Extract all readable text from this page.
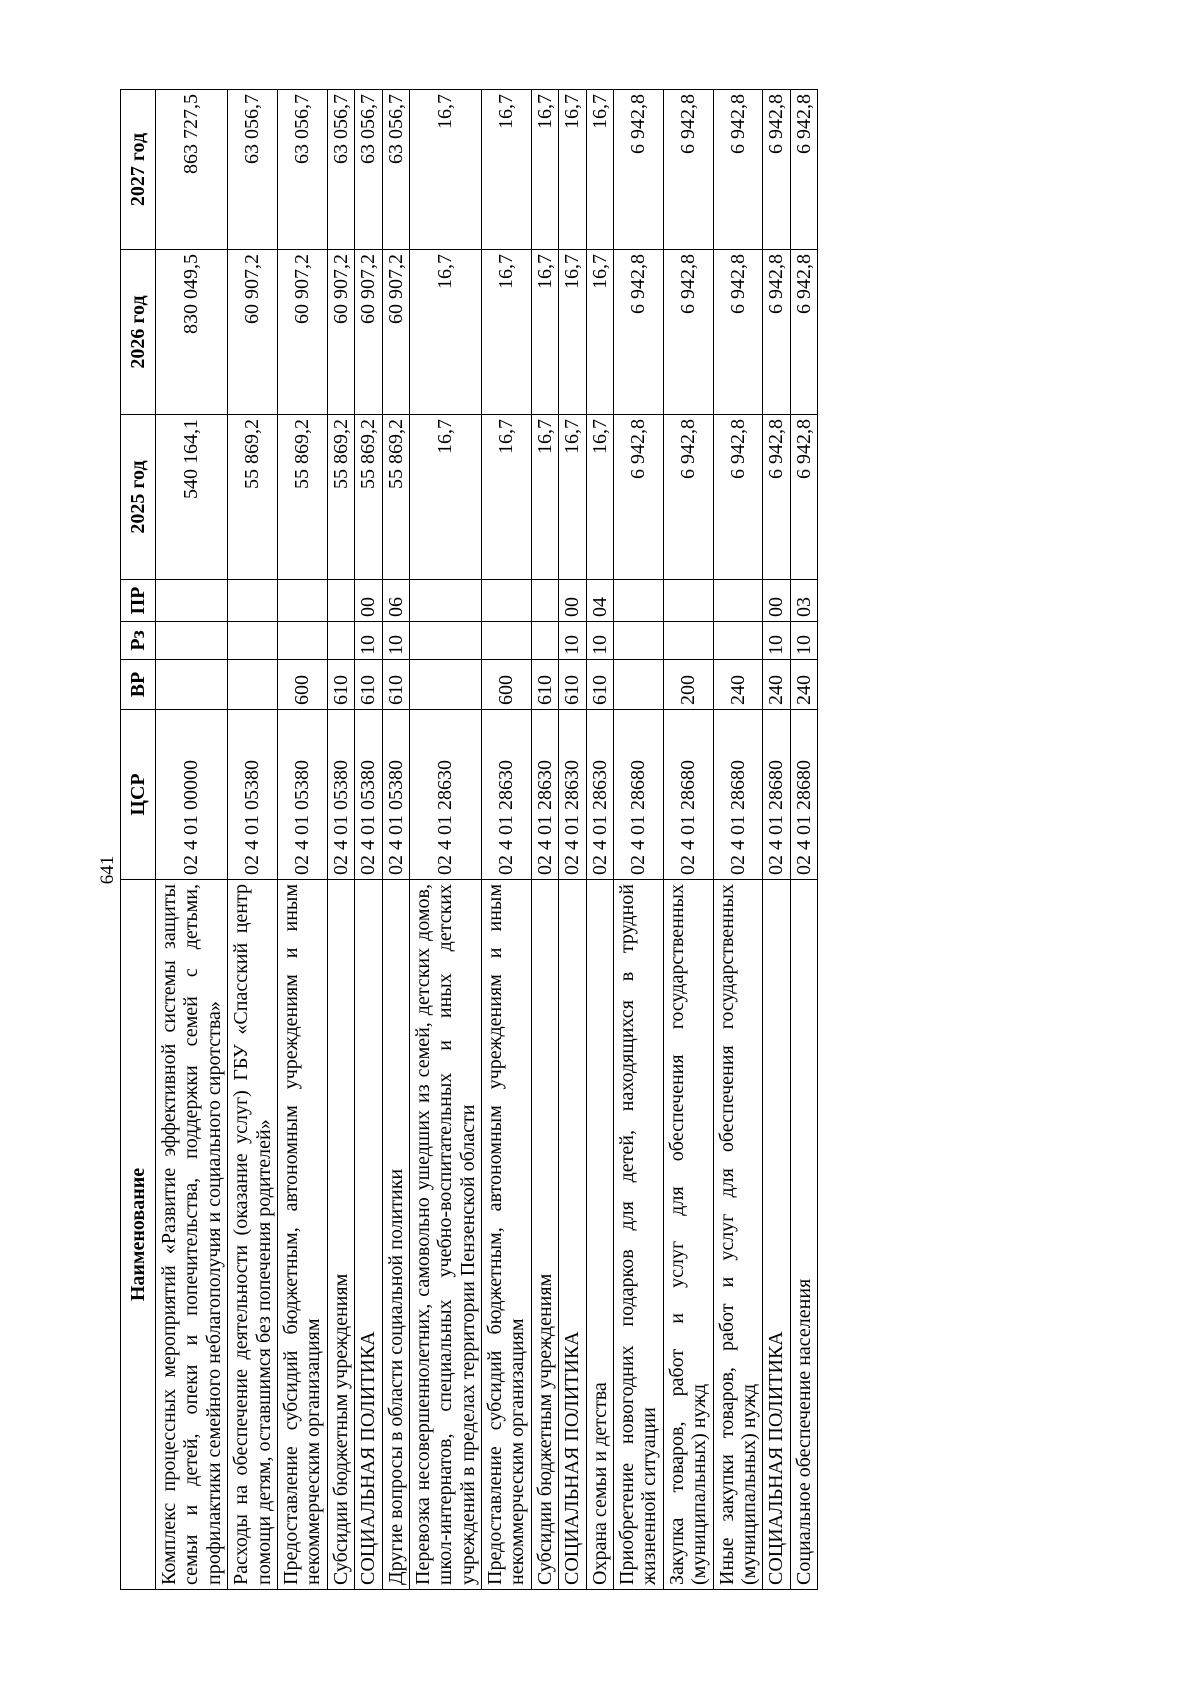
641
Наименование	ЦСР	ВР	Рз	ПР	2025 год	2026 год	2027 год
Комплекс процессных мероприятий «Развитие эффективной системы защиты семьи и детей, опеки и попечительства, поддержки семей с детьми, профилактики семейного неблагополучия и социального сиротства»	02 4 01 00000				540 164,1	830 049,5	863 727,5
Расходы на обеспечение деятельности (оказание услуг) ГБУ «Спасский центр помощи детям, оставшимся без попечения родителей»	02 4 01 05380				55 869,2	60 907,2	63 056,7
Предоставление субсидий бюджетным, автономным учреждениям и иным некоммерческим организациям	02 4 01 05380	600			55 869,2	60 907,2	63 056,7
Субсидии бюджетным учреждениям	02 4 01 05380	610			55 869,2	60 907,2	63 056,7
СОЦИАЛЬНАЯ ПОЛИТИКА	02 4 01 05380	610	10	00	55 869,2	60 907,2	63 056,7
Другие вопросы в области социальной политики	02 4 01 05380	610	10	06	55 869,2	60 907,2	63 056,7
Перевозка несовершеннолетних, самовольно ушедших из семей, детских домов, школ-интернатов, специальных учебно-воспитательных и иных детских учреждений в пределах территории Пензенской области	02 4 01 28630				16,7	16,7	16,7
Предоставление субсидий бюджетным, автономным учреждениям и иным некоммерческим организациям	02 4 01 28630	600			16,7	16,7	16,7
Субсидии бюджетным учреждениям	02 4 01 28630	610			16,7	16,7	16,7
СОЦИАЛЬНАЯ ПОЛИТИКА	02 4 01 28630	610	10	00	16,7	16,7	16,7
Охрана семьи и детства	02 4 01 28630	610	10	04	16,7	16,7	16,7
Приобретение новогодних подарков для детей, находящихся в трудной жизненной ситуации	02 4 01 28680				6 942,8	6 942,8	6 942,8
Закупка товаров, работ и услуг для обеспечения государственных (муниципальных) нужд	02 4 01 28680	200			6 942,8	6 942,8	6 942,8
Иные закупки товаров, работ и услуг для обеспечения государственных (муниципальных) нужд	02 4 01 28680	240			6 942,8	6 942,8	6 942,8
СОЦИАЛЬНАЯ ПОЛИТИКА	02 4 01 28680	240	10	00	6 942,8	6 942,8	6 942,8
Социальное обеспечение населения	02 4 01 28680	240	10	03	6 942,8	6 942,8	6 942,8
